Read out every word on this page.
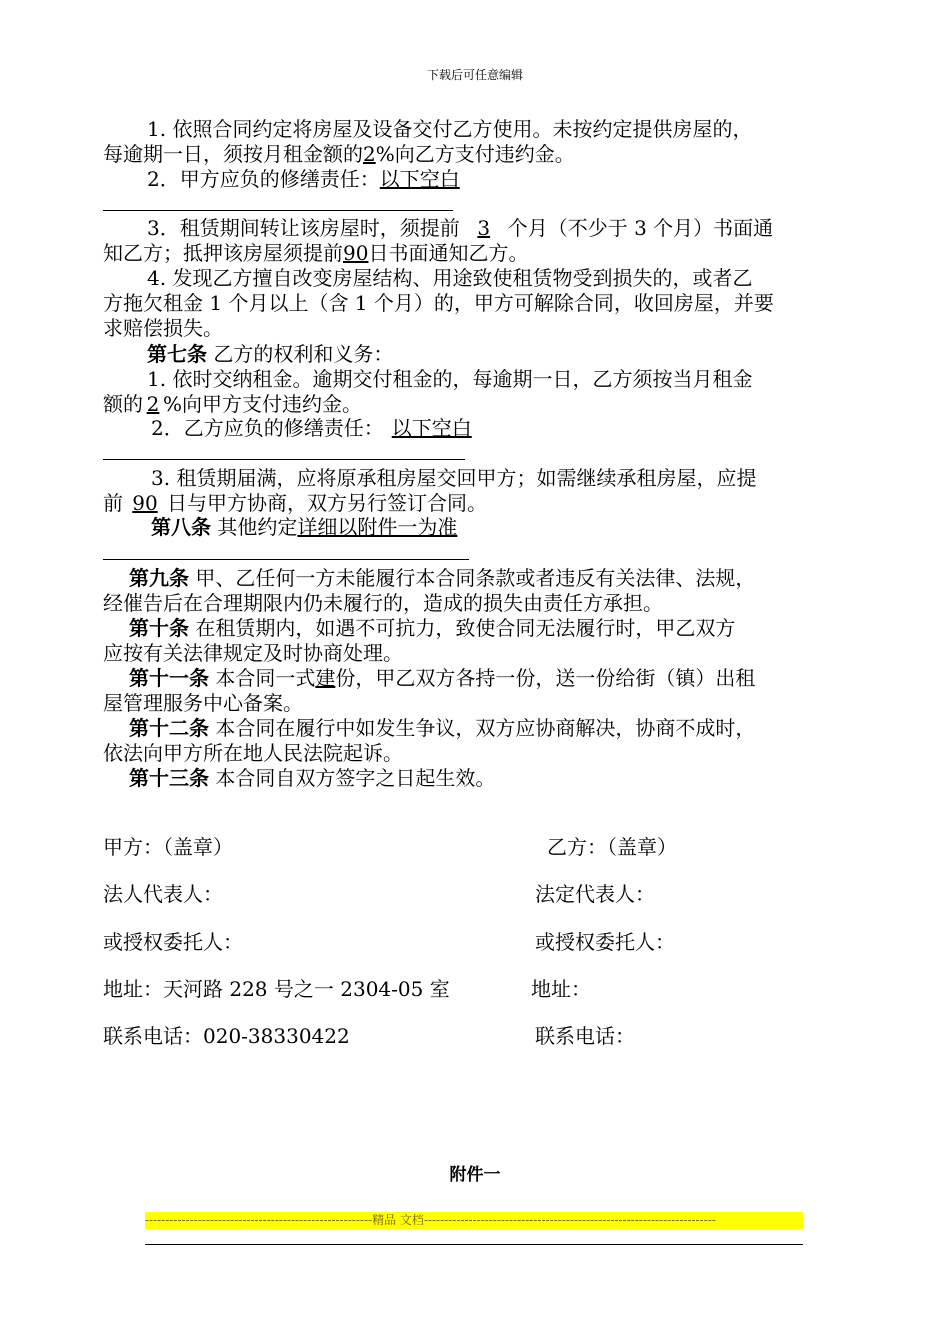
下载后可任意编辑
1. 依照合同约定将房屋及设备交付乙方使用。未按约定提供房屋的，
每逾期一日，须按月租金额的2%向乙方支付违约金。
2．甲方应负的修缮责任：以下空白
3．租赁期间转让该房屋时，须提前 3 个月（不少于 3 个月）书面通
知乙方；抵押该房屋须提前90日书面通知乙方。
4. 发现乙方擅自改变房屋结构、用途致使租赁物受到损失的，或者乙
方拖欠租金 1 个月以上（含 1 个月）的，甲方可解除合同，收回房屋，并要
求赔偿损失。
第七条 乙方的权利和义务：
1. 依时交纳租金。逾期交付租金的，每逾期一日，乙方须按当月租金
额的 2 %向甲方支付违约金。
2．乙方应负的修缮责任： 以下空白
3. 租赁期届满，应将原承租房屋交回甲方；如需继续承租房屋，应提
前 90 日与甲方协商，双方另行签订合同。
第八条 其他约定详细以附件一为准
第九条 甲、乙任何一方未能履行本合同条款或者违反有关法律、法规，
经催告后在合理期限内仍未履行的，造成的损失由责任方承担。
第十条 在租赁期内，如遇不可抗力，致使合同无法履行时，甲乙双方
应按有关法律规定及时协商处理。
第十一条 本合同一式建份，甲乙双方各持一份，送一份给街（镇）出租
屋管理服务中心备案。
第十二条 本合同在履行中如发生争议，双方应协商解决，协商不成时，
依法向甲方所在地人民法院起诉。
第十三条 本合同自双方签字之日起生效。
甲方：（盖章）	乙方：（盖章）
法人代表人：	法定代表人：
或授权委托人：	或授权委托人：
地址：天河路 228 号之一 2304-05 室	地址：
联系电话：020-38330422	联系电话：
附件一
--------------------------------------------------------精品 文档------------------------------------------------------------------------
